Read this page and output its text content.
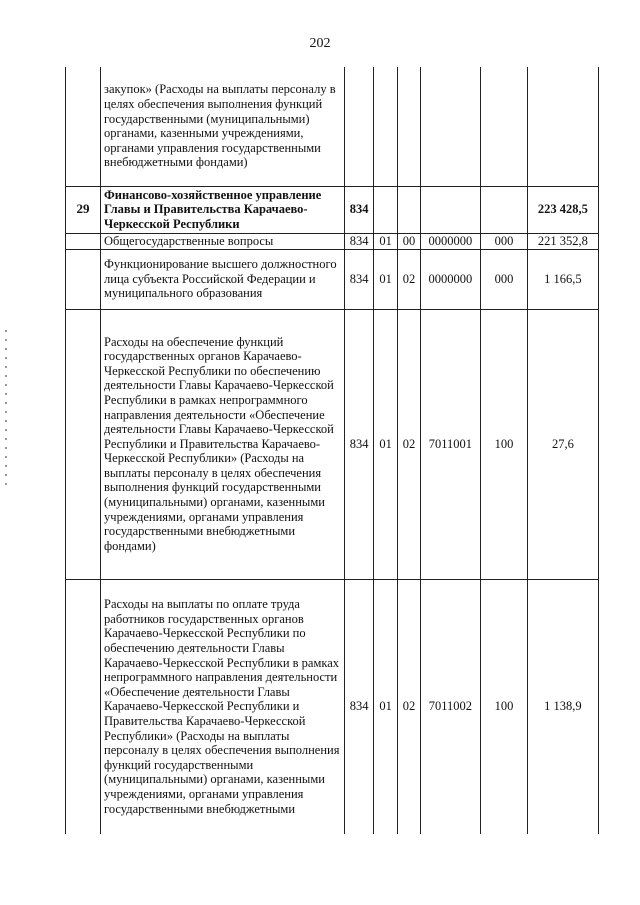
202
	закупок» (Расходы на выплаты персоналу в целях обеспечения выполнения функций государственными (муниципальными) органами, казенными учреждениями, органами управления государственными внебюджетными фондами)						
29	Финансово-хозяйственное управление Главы и Правительства Карачаево-Черкесской Республики	834					223 428,5
	Общегосударственные вопросы	834	01	00	0000000	000	221 352,8
	Функционирование высшего должностного лица субъекта Российской Федерации и муниципального образования	834	01	02	0000000	000	1 166,5
	Расходы на обеспечение функций государственных органов Карачаево-Черкесской Республики по обеспечению деятельности Главы Карачаево-Черкесской Республики в рамках непрограммного направления деятельности «Обеспечение деятельности Главы Карачаево-Черкесской Республики и Правительства Карачаево-Черкесской Республики» (Расходы на выплаты персоналу в целях обеспечения выполнения функций государственными (муниципальными) органами, казенными учреждениями, органами управления государственными внебюджетными фондами)	834	01	02	7011001	100	27,6
	Расходы на выплаты по оплате труда работников государственных органов Карачаево-Черкесской Республики по обеспечению деятельности Главы Карачаево-Черкесской Республики в рамках непрограммного направления деятельности «Обеспечение деятельности Главы Карачаево-Черкесской Республики и Правительства Карачаево-Черкесской Республики» (Расходы на выплаты персоналу в целях обеспечения выполнения функций государственными (муниципальными) органами, казенными учреждениями, органами управления государственными внебюджетными	834	01	02	7011002	100	1 138,9
